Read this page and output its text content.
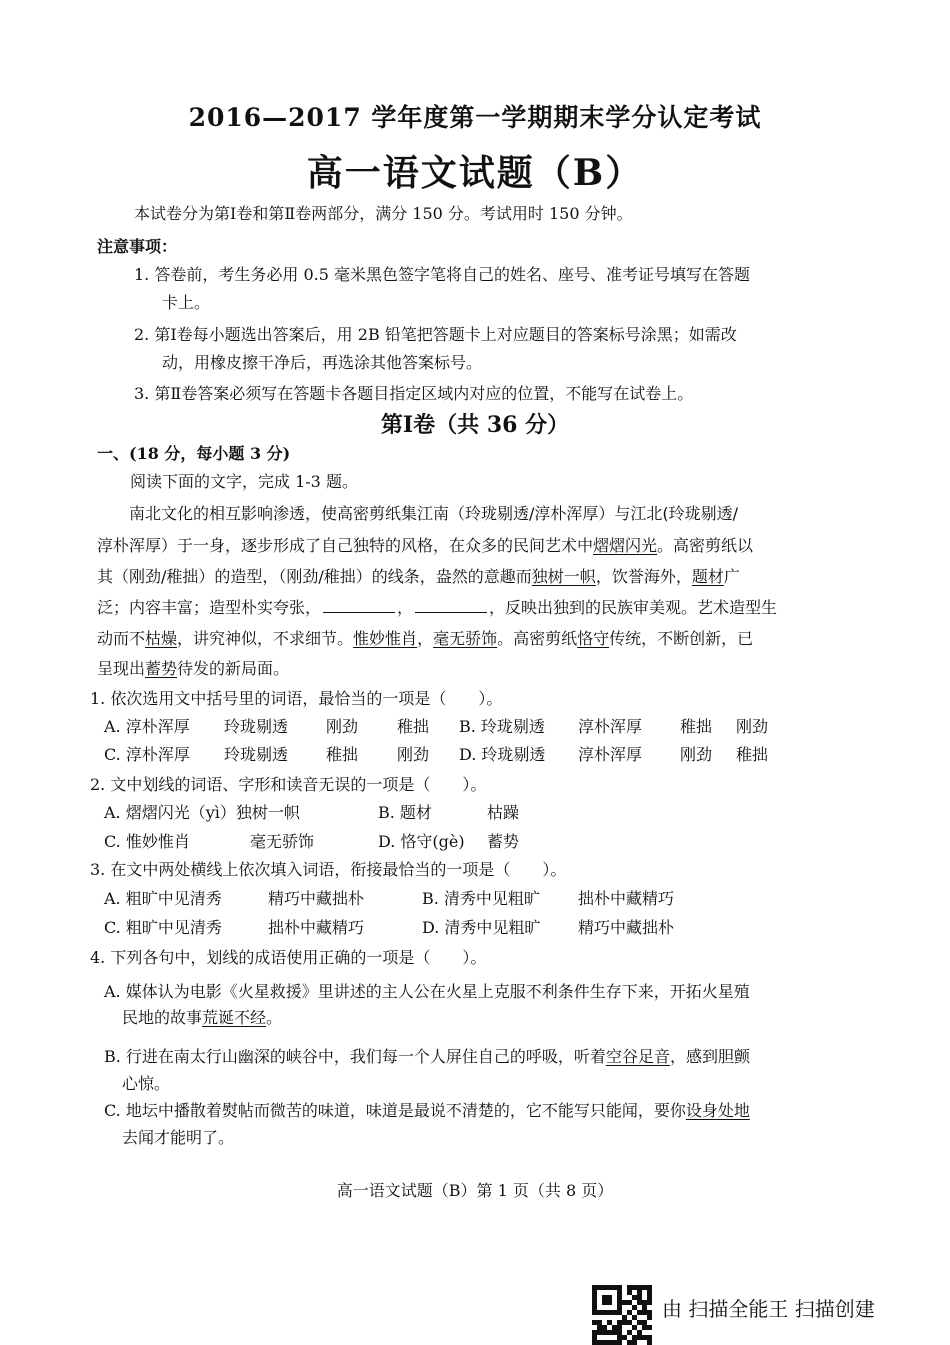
2016—2017 学年度第一学期期末学分认定考试
高一语文试题（B）
本试卷分为第Ⅰ卷和第Ⅱ卷两部分，满分 150 分。考试用时 150 分钟。
注意事项：
1. 答卷前，考生务必用 0.5 毫米黑色签字笔将自己的姓名、座号、准考证号填写在答题
卡上。
2. 第Ⅰ卷每小题选出答案后，用 2B 铅笔把答题卡上对应题目的答案标号涂黑；如需改
动，用橡皮擦干净后，再选涂其他答案标号。
3. 第Ⅱ卷答案必须写在答题卡各题目指定区域内对应的位置，不能写在试卷上。
第Ⅰ卷（共 36 分）
一、(18 分，每小题 3 分)
阅读下面的文字，完成 1-3 题。
　　南北文化的相互影响渗透，使高密剪纸集江南（玲珑剔透/淳朴浑厚）与江北(玲珑剔透/
淳朴浑厚）于一身，逐步形成了自己独特的风格，在众多的民间艺术中熠熠闪光。高密剪纸以
其（刚劲/稚拙）的造型，（刚劲/稚拙）的线条，盎然的意趣而独树一帜，饮誉海外，题材广
泛；内容丰富；造型朴实夸张，	，	，反映出独到的民族审美观。艺术造型生
动而不枯燥，讲究神似，不求细节。惟妙惟肖，毫无骄饰。高密剪纸恪守传统，不断创新，已
呈现出蓄势待发的新局面。
1. 依次选用文中括号里的词语，最恰当的一项是（　　）。
A. 淳朴浑厚 玲珑剔透 刚劲 稚拙 B. 玲珑剔透 淳朴浑厚 稚拙 刚劲
C. 淳朴浑厚 玲珑剔透 稚拙 刚劲 D. 玲珑剔透 淳朴浑厚 刚劲 稚拙
2. 文中划线的词语、字形和读音无误的一项是（　　）。
A. 熠熠闪光（yì）独树一帜	B. 题材	枯躁
C. 惟妙惟肖	毫无骄饰	D. 恪守(gè) 蓄势
3. 在文中两处横线上依次填入词语，衔接最恰当的一项是（　　）。
A. 粗旷中见清秀	精巧中藏拙朴	B. 清秀中见粗旷 拙朴中藏精巧
C. 粗旷中见清秀	拙朴中藏精巧	D. 清秀中见粗旷 精巧中藏拙朴
4. 下列各句中，划线的成语使用正确的一项是（　　）。
A. 媒体认为电影《火星救援》里讲述的主人公在火星上克服不利条件生存下来，开拓火星殖
民地的故事荒诞不经。
B. 行进在南太行山幽深的峡谷中，我们每一个人屏住自己的呼吸，听着空谷足音，感到胆颤
心惊。
C. 地坛中播散着熨帖而微苦的味道，味道是最说不清楚的，它不能写只能闻，要你设身处地
去闻才能明了。
高一语文试题（B）第 1 页（共 8 页）
由 扫描全能王 扫描创建
